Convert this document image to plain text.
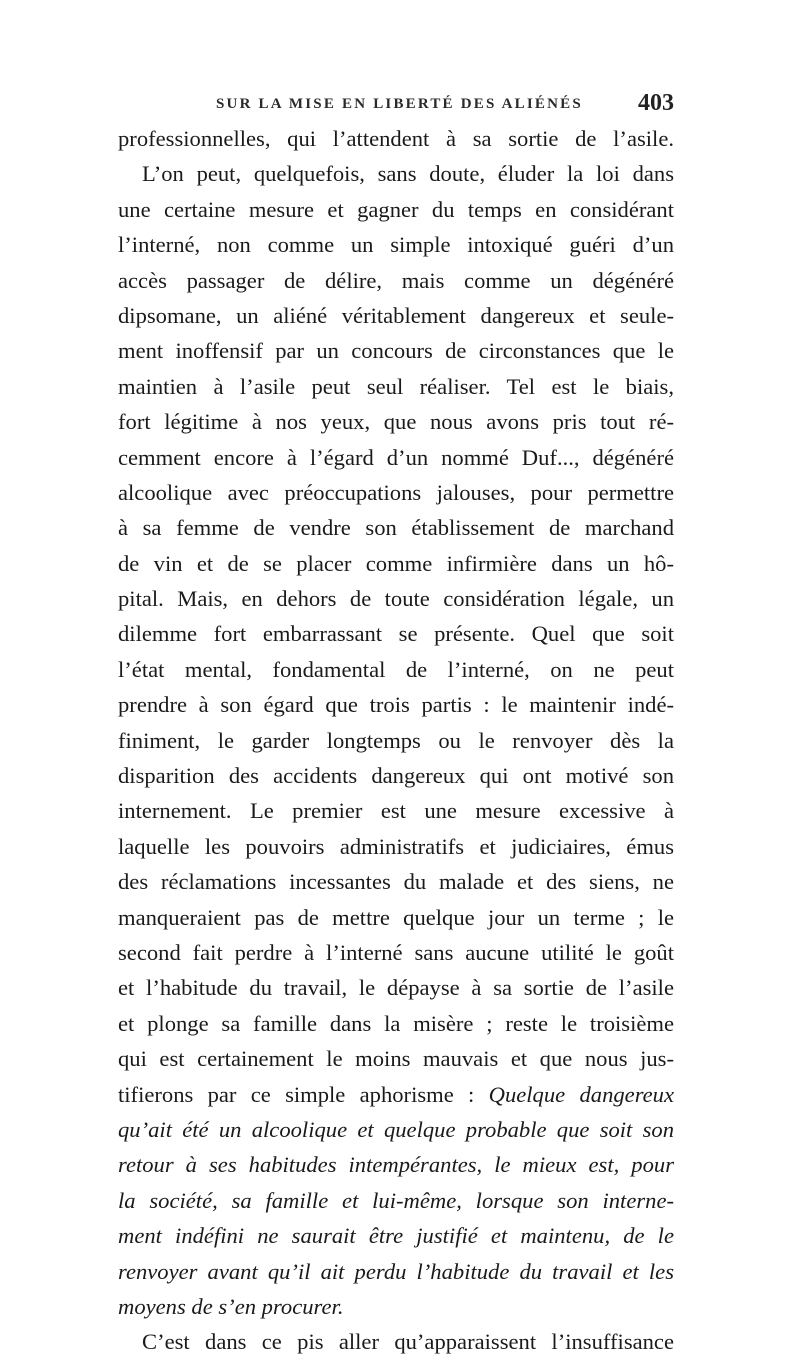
SUR LA MISE EN LIBERTÉ DES ALIÉNÉS 403
professionnelles, qui l’attendent à sa sortie de l’asile.
L’on peut, quelquefois, sans doute, éluder la loi dans
une certaine mesure et gagner du temps en considérant
l’interné, non comme un simple intoxiqué guéri d’un
accès passager de délire, mais comme un dégénéré
dipsomane, un aliéné véritablement dangereux et seule-
ment inoffensif par un concours de circonstances que le
maintien à l’asile peut seul réaliser. Tel est le biais,
fort légitime à nos yeux, que nous avons pris tout ré-
cemment encore à l’égard d’un nommé Duf..., dégénéré
alcoolique avec préoccupations jalouses, pour permettre
à sa femme de vendre son établissement de marchand
de vin et de se placer comme infirmière dans un hô-
pital. Mais, en dehors de toute considération légale, un
dilemme fort embarrassant se présente. Quel que soit
l’état mental, fondamental de l’interné, on ne peut
prendre à son égard que trois partis : le maintenir indé-
finiment, le garder longtemps ou le renvoyer dès la
disparition des accidents dangereux qui ont motivé son
internement. Le premier est une mesure excessive à
laquelle les pouvoirs administratifs et judiciaires, émus
des réclamations incessantes du malade et des siens, ne
manqueraient pas de mettre quelque jour un terme ; le
second fait perdre à l’interné sans aucune utilité le goût
et l’habitude du travail, le dépayse à sa sortie de l’asile
et plonge sa famille dans la misère ; reste le troisième
qui est certainement le moins mauvais et que nous jus-
tifierons par ce simple aphorisme : Quelque dangereux
qu’ait été un alcoolique et quelque probable que soit son
retour à ses habitudes intempérantes, le mieux est, pour
la société, sa famille et lui-même, lorsque son interne-
ment indéfini ne saurait être justifié et maintenu, de le
renvoyer avant qu’il ait perdu l’habitude du travail et les
moyens de s’en procurer.
C’est dans ce pis aller qu’apparaissent l’insuffisance
